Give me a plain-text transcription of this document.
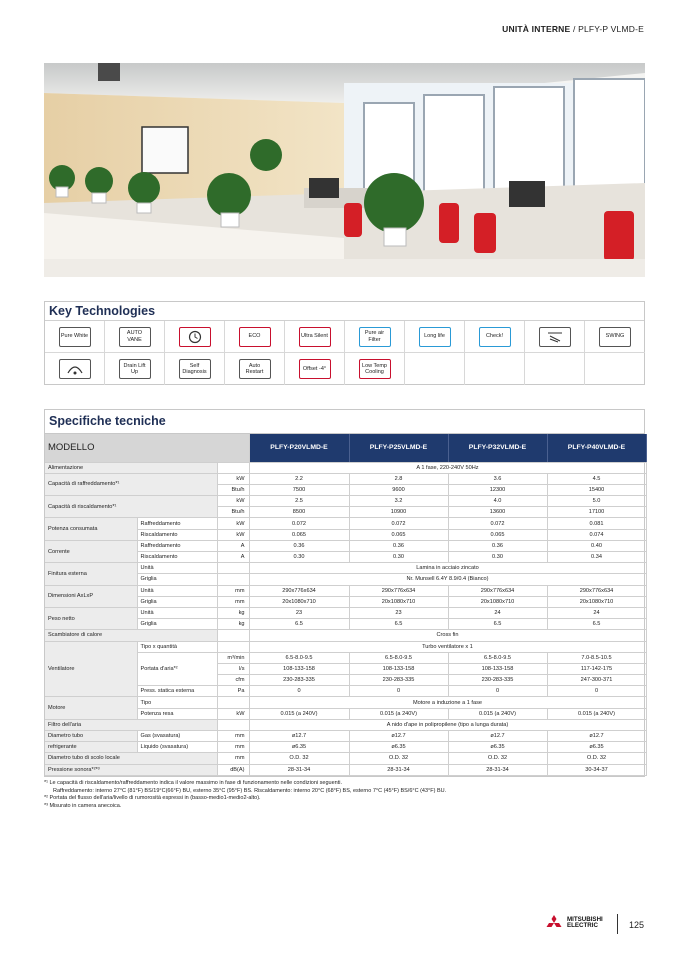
UNITÀ INTERNE / PLFY-P VLMD-E
Key Technologies
Pure White
AUTO VANE
ECO	Ultra Silent
Pure air Filter
Long life	Check!	SWING
Drain Lift Up
Self Diagnosis
Auto Restart
Offset -4°
Low Temp Cooling
Specifiche tecniche
MODELLO			PLFY-P20VLMD-E	PLFY-P25VLMD-E	PLFY-P32VLMD-E	PLFY-P40VLMD-E
Alimentazione			A 1 fase, 220-240V 50Hz			
Capacità di raffreddamento*¹		kW	2.2	2.8	3.6	4.5
		Btu/h	7500	9600	12300	15400
Capacità di riscaldamento*¹		kW	2.5	3.2	4.0	5.0
		Btu/h	8500	10900	13600	17100
Potenza consumata	Raffreddamento	kW	0.072	0.072	0.072	0.081
	Riscaldamento	kW	0.065	0.065	0.065	0.074
Corrente	Raffreddamento	A	0.36	0.36	0.36	0.40
	Riscaldamento	A	0.30	0.30	0.30	0.34
Finitura esterna	Unità		Lamina in acciaio zincato			
	Griglia		Nr. Munsell 6.4Y 8.9/0.4 (Bianco)			
Dimensioni AxLxP	Unità	mm	290x776x634	290x776x634	290x776x634	290x776x634
	Griglia	mm	20x1080x710	20x1080x710	20x1080x710	20x1080x710
Peso netto	Unità	kg	23	23	24	24
	Griglia	kg	6.5	6.5	6.5	6.5
Scambiatore di calore			Cross fin			
Ventilatore	Tipo x quantità		Turbo ventilatore x 1			
	Portata d'aria*²	m³/min	6.5-8.0-9.5	6.5-8.0-9.5	6.5-8.0-9.5	7.0-8.5-10.5
		l/s	108-133-158	108-133-158	108-133-158	117-142-175
		cfm	230-283-335	230-283-335	230-283-335	247-300-371
	Press. statica esterna	Pa	0	0	0	0
Motore	Tipo		Motore a induzione a 1 fase			
	Potenza resa	kW	0.015 (a 240V)	0.015 (a 240V)	0.015 (a 240V)	0.015 (a 240V)
Filtro dell'aria			A nido d'ape in polipropilene (tipo a lunga durata)			
Diametro tubo	Gas (svasatura)	mm	ø12.7	ø12.7	ø12.7	ø12.7
refrigerante	Liquido (svasatura)	mm	ø6.35	ø6.35	ø6.35	ø6.35
Diametro tubo di scolo locale		mm	O.D. 32	O.D. 32	O.D. 32	O.D. 32
Pressione sonora*²*³		dB(A)	28-31-34	28-31-34	28-31-34	30-34-37
*¹ Le capacità di riscaldamento/raffreddamento indica il valore massimo in fase di funzionamento nelle condizioni seguenti.
Raffreddamento: interno 27°C (81°F) BS/19°C(66°F) BU, esterno 35°C (95°F) BS. Riscaldamento: interno 20°C (68°F) BS, esterno 7°C (45°F) BS/6°C (43°F) BU.
*² Portata del flusso dell'aria/livello di rumorosità espressi in (basso-medio1-medio2-alto).
*³ Misurato in camera anecoica.
MITSUBISHI
ELECTRIC	125
